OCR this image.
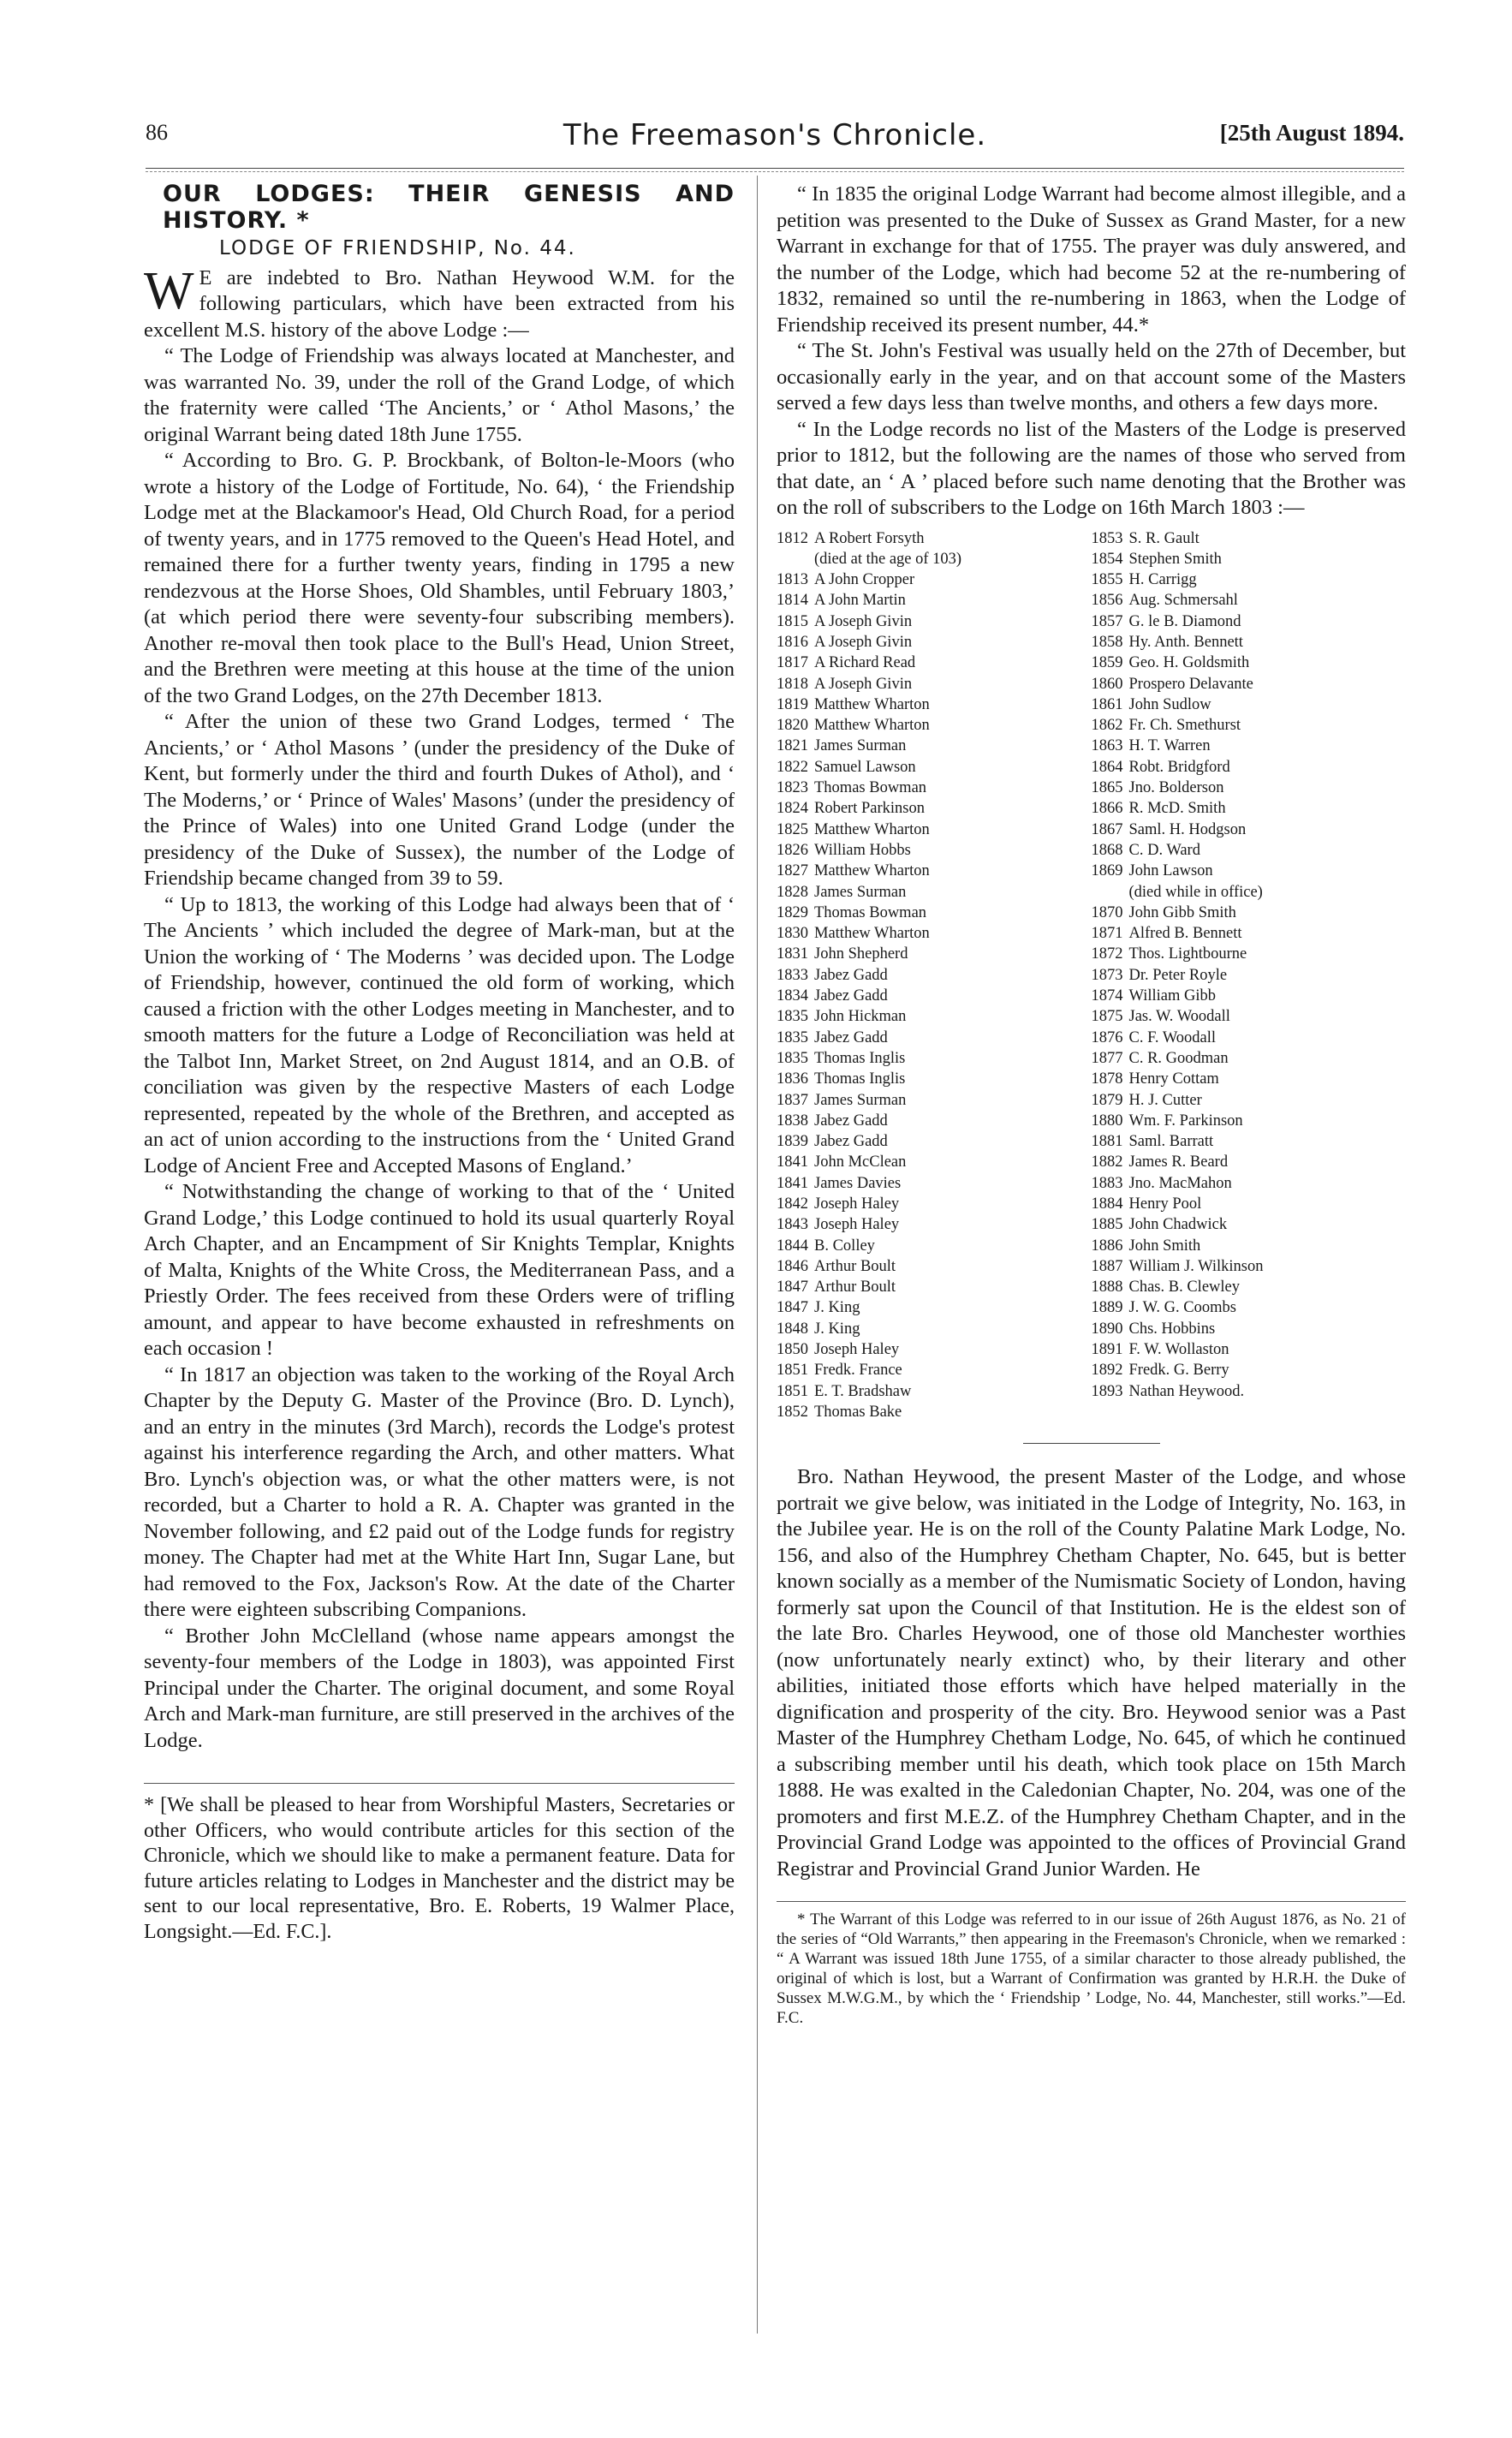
86	The Freemason's Chronicle.	[25th August 1894.
OUR LODGES: THEIR GENESIS AND HISTORY. *
LODGE OF FRIENDSHIP, No. 44.

W E are indebted to Bro. Nathan Heywood W.M. for the following particulars, which have been extracted from his excellent M.S. history of the above Lodge :—

“ The Lodge of Friendship was always located at Manchester, and was warranted No. 39, under the roll of the Grand Lodge, of which the fraternity were called ‘The Ancients,’ or ‘ Athol Masons,’ the original Warrant being dated 18th June 1755.

“ According to Bro. G. P. Brockbank, of Bolton-le-Moors (who wrote a history of the Lodge of Fortitude, No. 64), ‘ the Friendship Lodge met at the Blackamoor's Head, Old Church Road, for a period of twenty years, and in 1775 removed to the Queen's Head Hotel, and remained there for a further twenty years, finding in 1795 a new rendezvous at the Horse Shoes, Old Shambles, until February 1803,’ (at which period there were seventy-four subscribing members). Another re-moval then took place to the Bull's Head, Union Street, and the Brethren were meeting at this house at the time of the union of the two Grand Lodges, on the 27th December 1813.

“ After the union of these two Grand Lodges, termed ‘ The Ancients,’ or ‘ Athol Masons ’ (under the presidency of the Duke of Kent, but formerly under the third and fourth Dukes of Athol), and ‘ The Moderns,’ or ‘ Prince of Wales' Masons’ (under the presidency of the Prince of Wales) into one United Grand Lodge (under the presidency of the Duke of Sussex), the number of the Lodge of Friendship became changed from 39 to 59.

“ Up to 1813, the working of this Lodge had always been that of ‘ The Ancients ’ which included the degree of Mark-man, but at the Union the working of ‘ The Moderns ’ was decided upon. The Lodge of Friendship, however, continued the old form of working, which caused a friction with the other Lodges meeting in Manchester, and to smooth matters for the future a Lodge of Reconciliation was held at the Talbot Inn, Market Street, on 2nd August 1814, and an O.B. of conciliation was given by the respective Masters of each Lodge represented, repeated by the whole of the Brethren, and accepted as an act of union according to the instructions from the ‘ United Grand Lodge of Ancient Free and Accepted Masons of England.’

“ Notwithstanding the change of working to that of the ‘ United Grand Lodge,’ this Lodge continued to hold its usual quarterly Royal Arch Chapter, and an Encampment of Sir Knights Templar, Knights of Malta, Knights of the White Cross, the Mediterranean Pass, and a Priestly Order. The fees received from these Orders were of trifling amount, and appear to have become exhausted in refreshments on each occasion !

“ In 1817 an objection was taken to the working of the Royal Arch Chapter by the Deputy G. Master of the Province (Bro. D. Lynch), and an entry in the minutes (3rd March), records the Lodge's protest against his interference regarding the Arch, and other matters. What Bro. Lynch's objection was, or what the other matters were, is not recorded, but a Charter to hold a R. A. Chapter was granted in the November following, and £2 paid out of the Lodge funds for registry money. The Chapter had met at the White Hart Inn, Sugar Lane, but had removed to the Fox, Jackson's Row. At the date of the Charter there were eighteen subscribing Companions.

“ Brother John McClelland (whose name appears amongst the seventy-four members of the Lodge in 1803), was appointed First Principal under the Charter. The original document, and some Royal Arch and Mark-man furniture, are still preserved in the archives of the Lodge.

* [We shall be pleased to hear from Worshipful Masters, Secretaries or other Officers, who would contribute articles for this section of the Chronicle, which we should like to make a permanent feature. Data for future articles relating to Lodges in Manchester and the district may be sent to our local representative, Bro. E. Roberts, 19 Walmer Place, Longsight.—Ed. F.C.].

“ In 1835 the original Lodge Warrant had become almost illegible, and a petition was presented to the Duke of Sussex as Grand Master, for a new Warrant in exchange for that of 1755. The prayer was duly answered, and the number of the Lodge, which had become 52 at the re-numbering of 1832, remained so until the re-numbering in 1863, when the Lodge of Friendship received its present number, 44.*

“ The St. John's Festival was usually held on the 27th of December, but occasionally early in the year, and on that account some of the Masters served a few days less than twelve months, and others a few days more.

“ In the Lodge records no list of the Masters of the Lodge is preserved prior to 1812, but the following are the names of those who served from that date, an ‘ A ’ placed before such name denoting that the Brother was on the roll of subscribers to the Lodge on 16th March 1803 :—

1812 A Robert Forsyth
(died at the age of 103)
1813 A John Cropper
1814 A John Martin
1815 A Joseph Givin
1816 A Joseph Givin
1817 A Richard Read
1818 A Joseph Givin
1819 Matthew Wharton
1820 Matthew Wharton
1821 James Surman
1822 Samuel Lawson
1823 Thomas Bowman
1824 Robert Parkinson
1825 Matthew Wharton
1826 William Hobbs
1827 Matthew Wharton
1828 James Surman
1829 Thomas Bowman
1830 Matthew Wharton
1831 John Shepherd
1833 Jabez Gadd
1834 Jabez Gadd
1835 John Hickman
1835 Jabez Gadd
1835 Thomas Inglis
1836 Thomas Inglis
1837 James Surman
1838 Jabez Gadd
1839 Jabez Gadd
1841 John McClean
1841 James Davies
1842 Joseph Haley
1843 Joseph Haley
1844 B. Colley
1846 Arthur Boult
1847 Arthur Boult
1847 J. King
1848 J. King
1850 Joseph Haley
1851 Fredk. France
1851 E. T. Bradshaw
1852 Thomas Bake
1853 S. R. Gault
1854 Stephen Smith
1855 H. Carrigg
1856 Aug. Schmersahl
1857 G. le B. Diamond
1858 Hy. Anth. Bennett
1859 Geo. H. Goldsmith
1860 Prospero Delavante
1861 John Sudlow
1862 Fr. Ch. Smethurst
1863 H. T. Warren
1864 Robt. Bridgford
1865 Jno. Bolderson
1866 R. McD. Smith
1867 Saml. H. Hodgson
1868 C. D. Ward
1869 John Lawson
(died while in office)
1870 John Gibb Smith
1871 Alfred B. Bennett
1872 Thos. Lightbourne
1873 Dr. Peter Royle
1874 William Gibb
1875 Jas. W. Woodall
1876 C. F. Woodall
1877 C. R. Goodman
1878 Henry Cottam
1879 H. J. Cutter
1880 Wm. F. Parkinson
1881 Saml. Barratt
1882 James R. Beard
1883 Jno. MacMahon
1884 Henry Pool
1885 John Chadwick
1886 John Smith
1887 William J. Wilkinson
1888 Chas. B. Clewley
1889 J. W. G. Coombs
1890 Chs. Hobbins
1891 F. W. Wollaston
1892 Fredk. G. Berry
1893 Nathan Heywood.

Bro. Nathan Heywood, the present Master of the Lodge, and whose portrait we give below, was initiated in the Lodge of Integrity, No. 163, in the Jubilee year. He is on the roll of the County Palatine Mark Lodge, No. 156, and also of the Humphrey Chetham Chapter, No. 645, but is better known socially as a member of the Numismatic Society of London, having formerly sat upon the Council of that Institution. He is the eldest son of the late Bro. Charles Heywood, one of those old Manchester worthies (now unfortunately nearly extinct) who, by their literary and other abilities, initiated those efforts which have helped materially in the dignification and prosperity of the city. Bro. Heywood senior was a Past Master of the Humphrey Chetham Lodge, No. 645, of which he continued a subscribing member until his death, which took place on 15th March 1888. He was exalted in the Caledonian Chapter, No. 204, was one of the promoters and first M.E.Z. of the Humphrey Chetham Chapter, and in the Provincial Grand Lodge was appointed to the offices of Provincial Grand Registrar and Provincial Grand Junior Warden. He

* The Warrant of this Lodge was referred to in our issue of 26th August 1876, as No. 21 of the series of “Old Warrants,” then appearing in the Freemason's Chronicle, when we remarked : “ A Warrant was issued 18th June 1755, of a similar character to those already published, the original of which is lost, but a Warrant of Confirmation was granted by H.R.H. the Duke of Sussex M.W.G.M., by which the ‘ Friendship ’ Lodge, No. 44, Manchester, still works.”—Ed. F.C.
